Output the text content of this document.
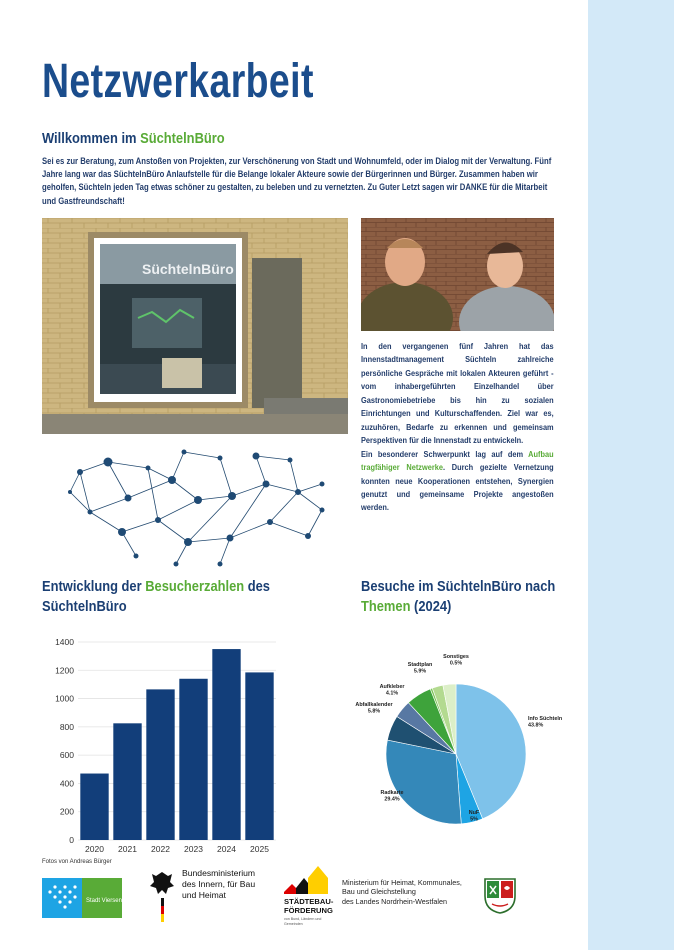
Netzwerkarbeit
Willkommen im SüchtelnBüro

Sei es zur Beratung, zum Anstoßen von Projekten, zur Verschönerung von Stadt und Wohnumfeld, oder im Dialog mit der Verwaltung. Fünf Jahre lang war das SüchtelnBüro Anlaufstelle für die Belange lokaler Akteure sowie der Bürgerinnen und Bürger. Zusammen haben wir geholfen, Süchteln jeden Tag etwas schöner zu gestalten, zu beleben und zu vernetzten. Zu Guter Letzt sagen wir DANKE für die Mitarbeit und Gastfreundschaft!

SüchtelnBüro

In den vergangenen fünf Jahren hat das Innenstadtmanagement Süchteln zahlreiche persönliche Gespräche mit lokalen Akteuren geführt - vom inhabergeführten Einzelhandel über Gastronomiebetriebe bis hin zu sozialen Einrichtungen und Kulturschaffenden. Ziel war es, zuzuhören, Bedarfe zu erkennen und gemeinsam Perspektiven für die Innenstadt zu entwickeln.

Ein besonderer Schwerpunkt lag auf dem Aufbau tragfähiger Netzwerke. Durch gezielte Vernetzung konnten neue Kooperationen entstehen, Synergien genutzt und gemeinsame Projekte angestoßen werden.

Entwicklung der Besucherzahlen des
SüchtelnBüro
Besuche im SüchtelnBüro nach
Themen (2024)
0
200
400
600
800
1000
1200
1400
2020 2021 2022 2023 2024 2025
Info Süchteln 43.8%
NuF 5%
Radkarte 29.4%
Abfallkalender 5.8%
Aufkleber 4.1%
Stadtplan 5.9%
Sonstiges 0.5%
Fotos von Andreas Bürger
Stadt Viersen
Bundesministerium des Innern, für Bau und Heimat
STÄDTEBAU- FÖRDERUNG
von Bund, Ländern und Gemeinden
Ministerium für Heimat, Kommunales,
Bau und Gleichstellung
des Landes Nordrhein-Westfalen
